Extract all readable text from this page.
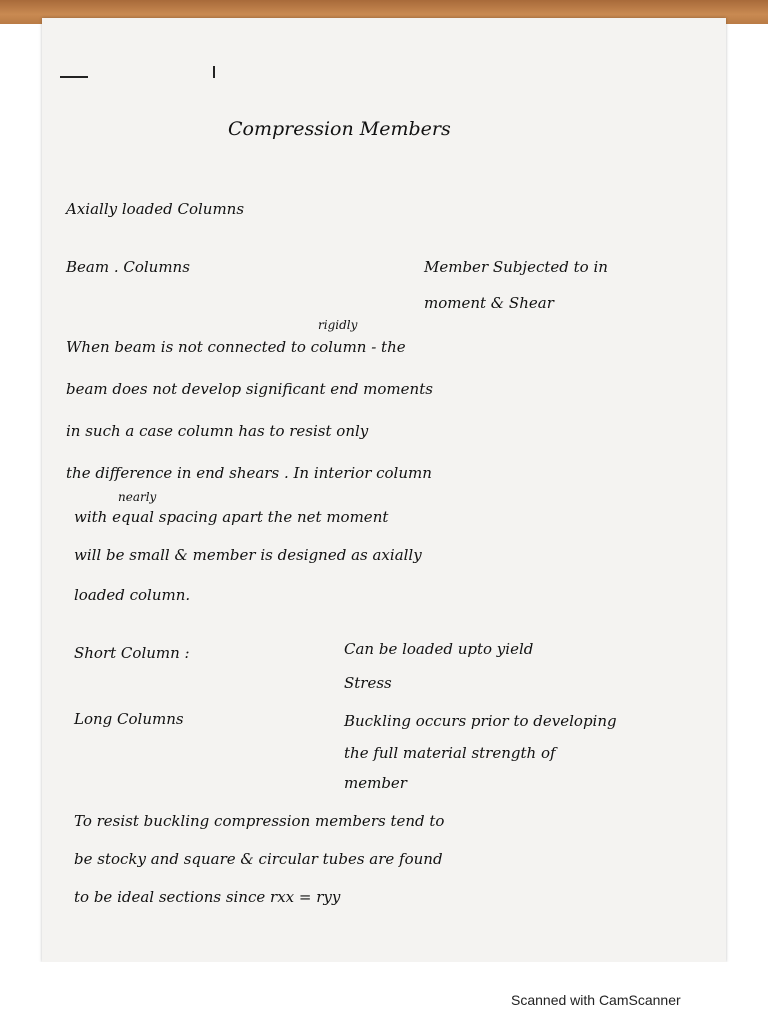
Compression Members
Axially loaded Columns
Beam . Columns	Member Subjected to in
moment & Shear
rigidly
When beam is not connected to column - the
beam does not develop significant end moments
in such a case column has to resist only
the difference in end shears . In interior column
nearly
with equal spacing apart the net moment
will be small & member is designed as axially
loaded column.
Short Column :	Can be loaded upto yield
Stress
Long Columns	Buckling occurs prior to developing
the full material strength of
member
To resist buckling compression members tend to
be stocky and square & circular tubes are found
to be ideal sections since rxx = ryy
Scanned with CamScanner
